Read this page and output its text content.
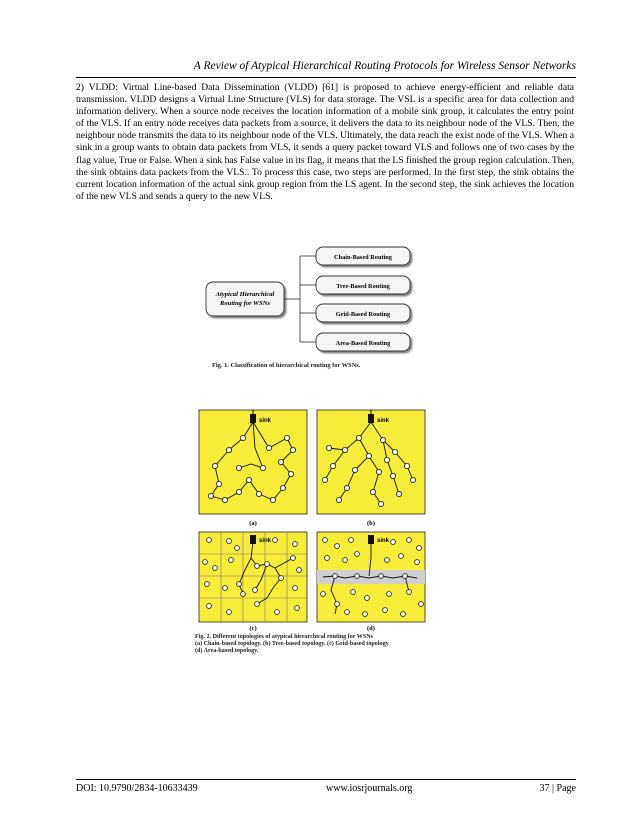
A Review of Atypical Hierarchical Routing Protocols for Wireless Sensor Networks
2) VLDD: Virtual Line-based Data Dissemination (VLDD) [61] is proposed to achieve energy-efficient and reliable data transmission. VLDD designs a Virtual Line Structure (VLS) for data storage. The VSL is a specific area for data collection and information delivery. When a source node receives the location information of a mobile sink group, it calculates the entry point of the VLS. If an entry node receives data packets from a source, it delivers the data to its neighbour node of the VLS. Then, the neighbour node transmits the data to its neighbour node of the VLS. Ultimately, the data reach the exist node of the VLS. When a sink in a group wants to obtain data packets from VLS, it sends a query packet toward VLS and follows one of two cases by the flag value, True or False. When a sink has False value in its flag, it means that the LS finished the group region calculation. Then, the sink obtains data packets from the VLS.. To process this case, two steps are performed. In the first step, the sink obtains the current location information of the actual sink group region from the LS agent. In the second step, the sink achieves the location of the new VLS and sends a query to the new VLS.
Atypical Hierarchical
Routing for WSNs
Chain-Based Routing
Tree-Based Routing
Grid-Based Routing
Area-Based Routing
Fig. 1. Classification of hierarchical routing for WSNs.
sink	sink
sink	sink
(a)	(b)
(c)	(d)
Fig. 2. Different topologies of atypical hierarchical routing for WSNs
(a) Chain-based topology. (b) Tree-based topology. (c) Grid-based topology
(d) Area-based topology.
DOI: 10.9790/2834-10633439	www.iosrjournals.org	37 | Page
